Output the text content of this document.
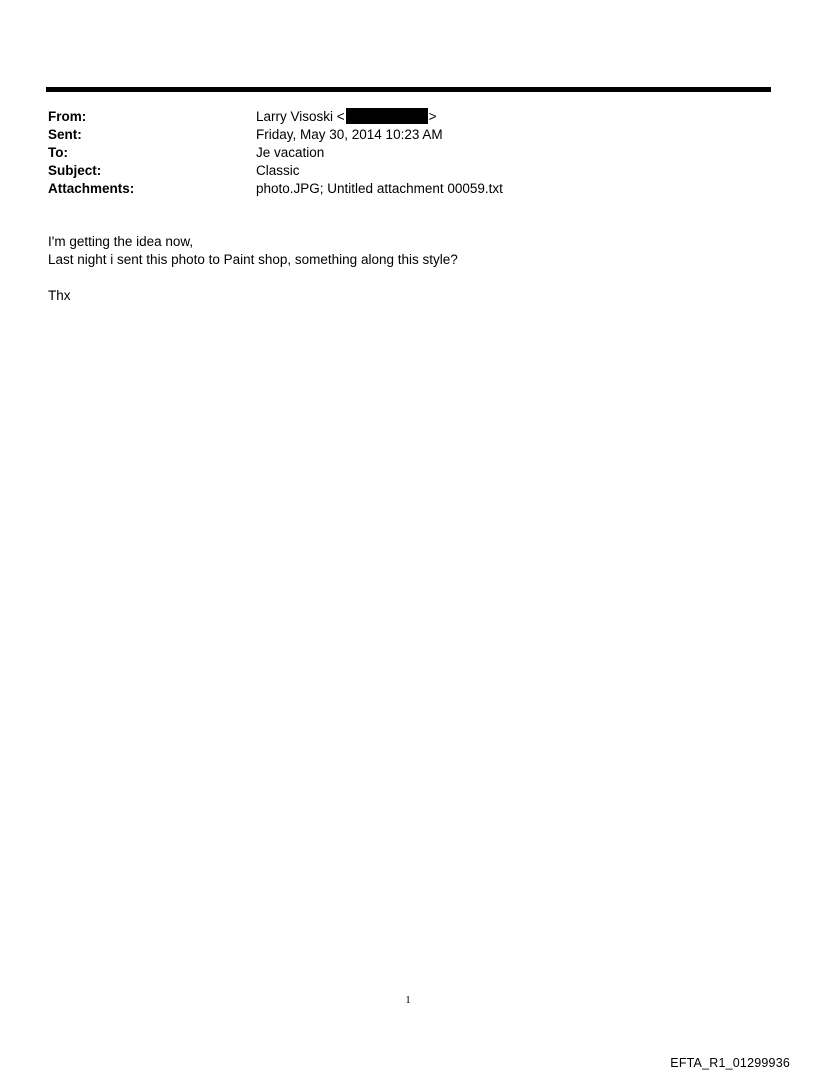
From:	Larry Visoski <	>
Sent:	Friday, May 30, 2014 10:23 AM
To:	Je vacation
Subject:	Classic
Attachments:	photo.JPG; Untitled attachment 00059.txt
I'm getting the idea now,
Last night i sent this photo to Paint shop, something along this style?
Thx
1
EFTA_R1_01299936
